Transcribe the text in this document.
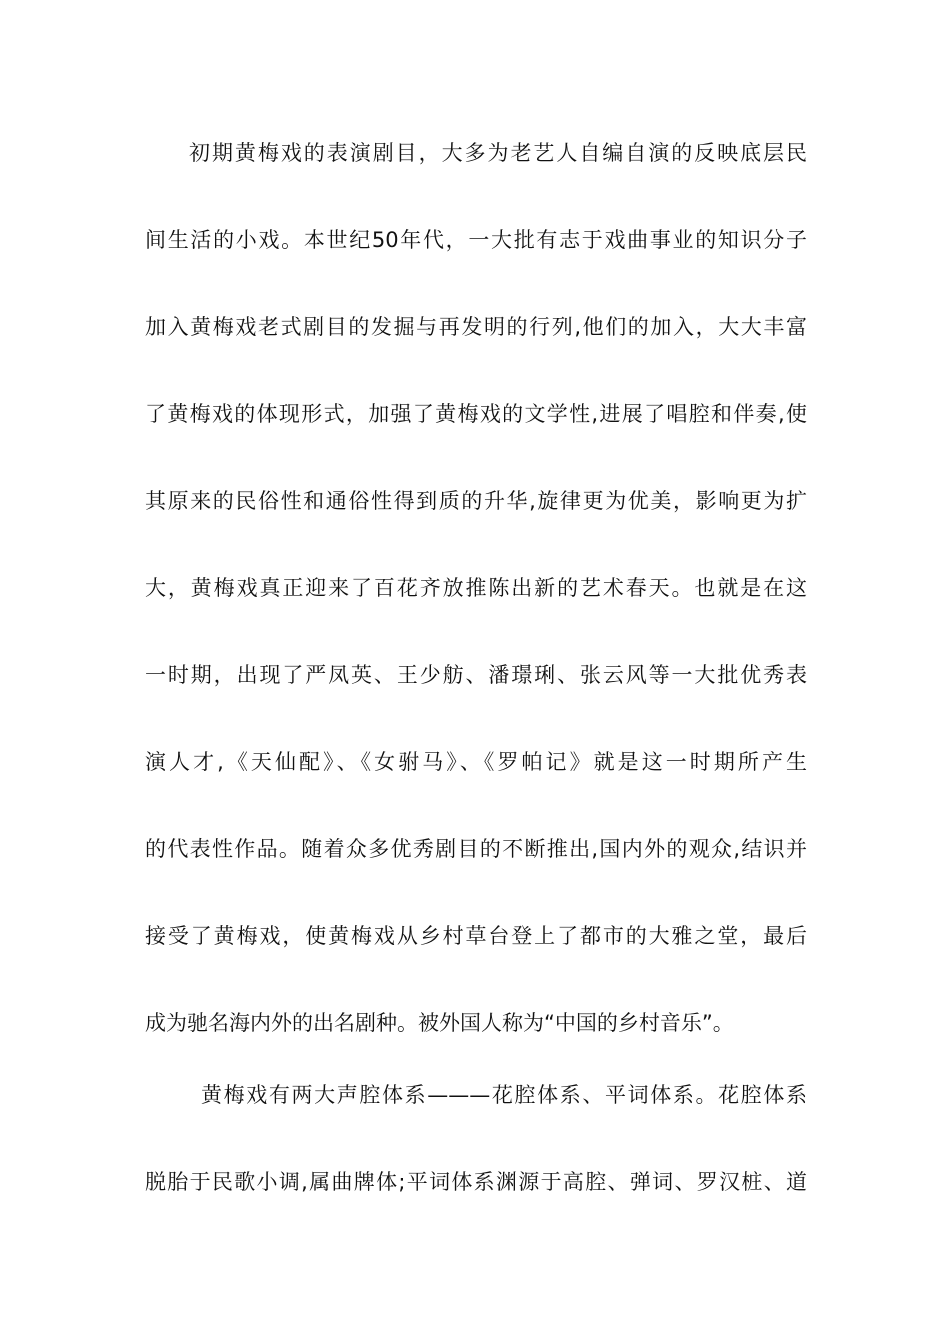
初期黄梅戏的表演剧目，大多为老艺人自编自演的反映底层民
间生活的小戏。本世纪50年代，一大批有志于戏曲事业的知识分子
加入黄梅戏老式剧目的发掘与再发明的行列,他们的加入，大大丰富
了黄梅戏的体现形式，加强了黄梅戏的文学性,进展了唱腔和伴奏,使
其原来的民俗性和通俗性得到质的升华,旋律更为优美，影响更为扩
大，黄梅戏真正迎来了百花齐放推陈出新的艺术春天。也就是在这
一时期，出现了严凤英、王少舫、潘璟琍、张云风等一大批优秀表
演人才,《天仙配》、《女驸马》、《罗帕记》就是这一时期所产生
的代表性作品。随着众多优秀剧目的不断推出,国内外的观众,结识并
接受了黄梅戏，使黄梅戏从乡村草台登上了都市的大雅之堂，最后
成为驰名海内外的出名剧种。被外国人称为“中国的乡村音乐”。
黄梅戏有两大声腔体系———花腔体系、平词体系。花腔体系
脱胎于民歌小调,属曲牌体;平词体系渊源于高腔、弹词、罗汉桩、道
